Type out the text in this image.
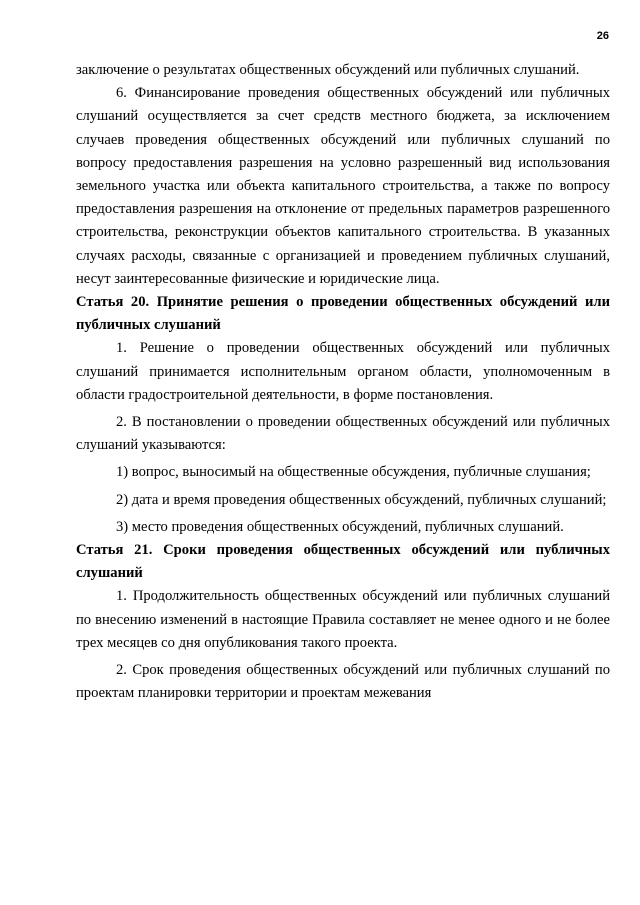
26

заключение о результатах общественных обсуждений или публичных слушаний.

6. Финансирование проведения общественных обсуждений или публичных слушаний осуществляется за счет средств местного бюджета, за исключением случаев проведения общественных обсуждений или публичных слушаний по вопросу предоставления разрешения на условно разрешенный вид использования земельного участка или объекта капитального строительства, а также по вопросу предоставления разрешения на отклонение от предельных параметров разрешенного строительства, реконструкции объектов капитального строительства. В указанных случаях расходы, связанные с организацией и проведением публичных слушаний, несут заинтересованные физические и юридические лица.

Статья 20. Принятие решения о проведении общественных обсуждений или публичных слушаний

1. Решение о проведении общественных обсуждений или публичных слушаний принимается исполнительным органом области, уполномоченным в области градостроительной деятельности, в форме постановления.

2. В постановлении о проведении общественных обсуждений или публичных слушаний указываются:

1) вопрос, выносимый на общественные обсуждения, публичные слушания;

2) дата и время проведения общественных обсуждений, публичных слушаний;

3) место проведения общественных обсуждений, публичных слушаний.

Статья 21. Сроки проведения общественных обсуждений или публичных слушаний

1. Продолжительность общественных обсуждений или публичных слушаний по внесению изменений в настоящие Правила составляет не менее одного и не более трех месяцев со дня опубликования такого проекта.

2. Срок проведения общественных обсуждений или публичных слушаний по проектам планировки территории и проектам межевания
